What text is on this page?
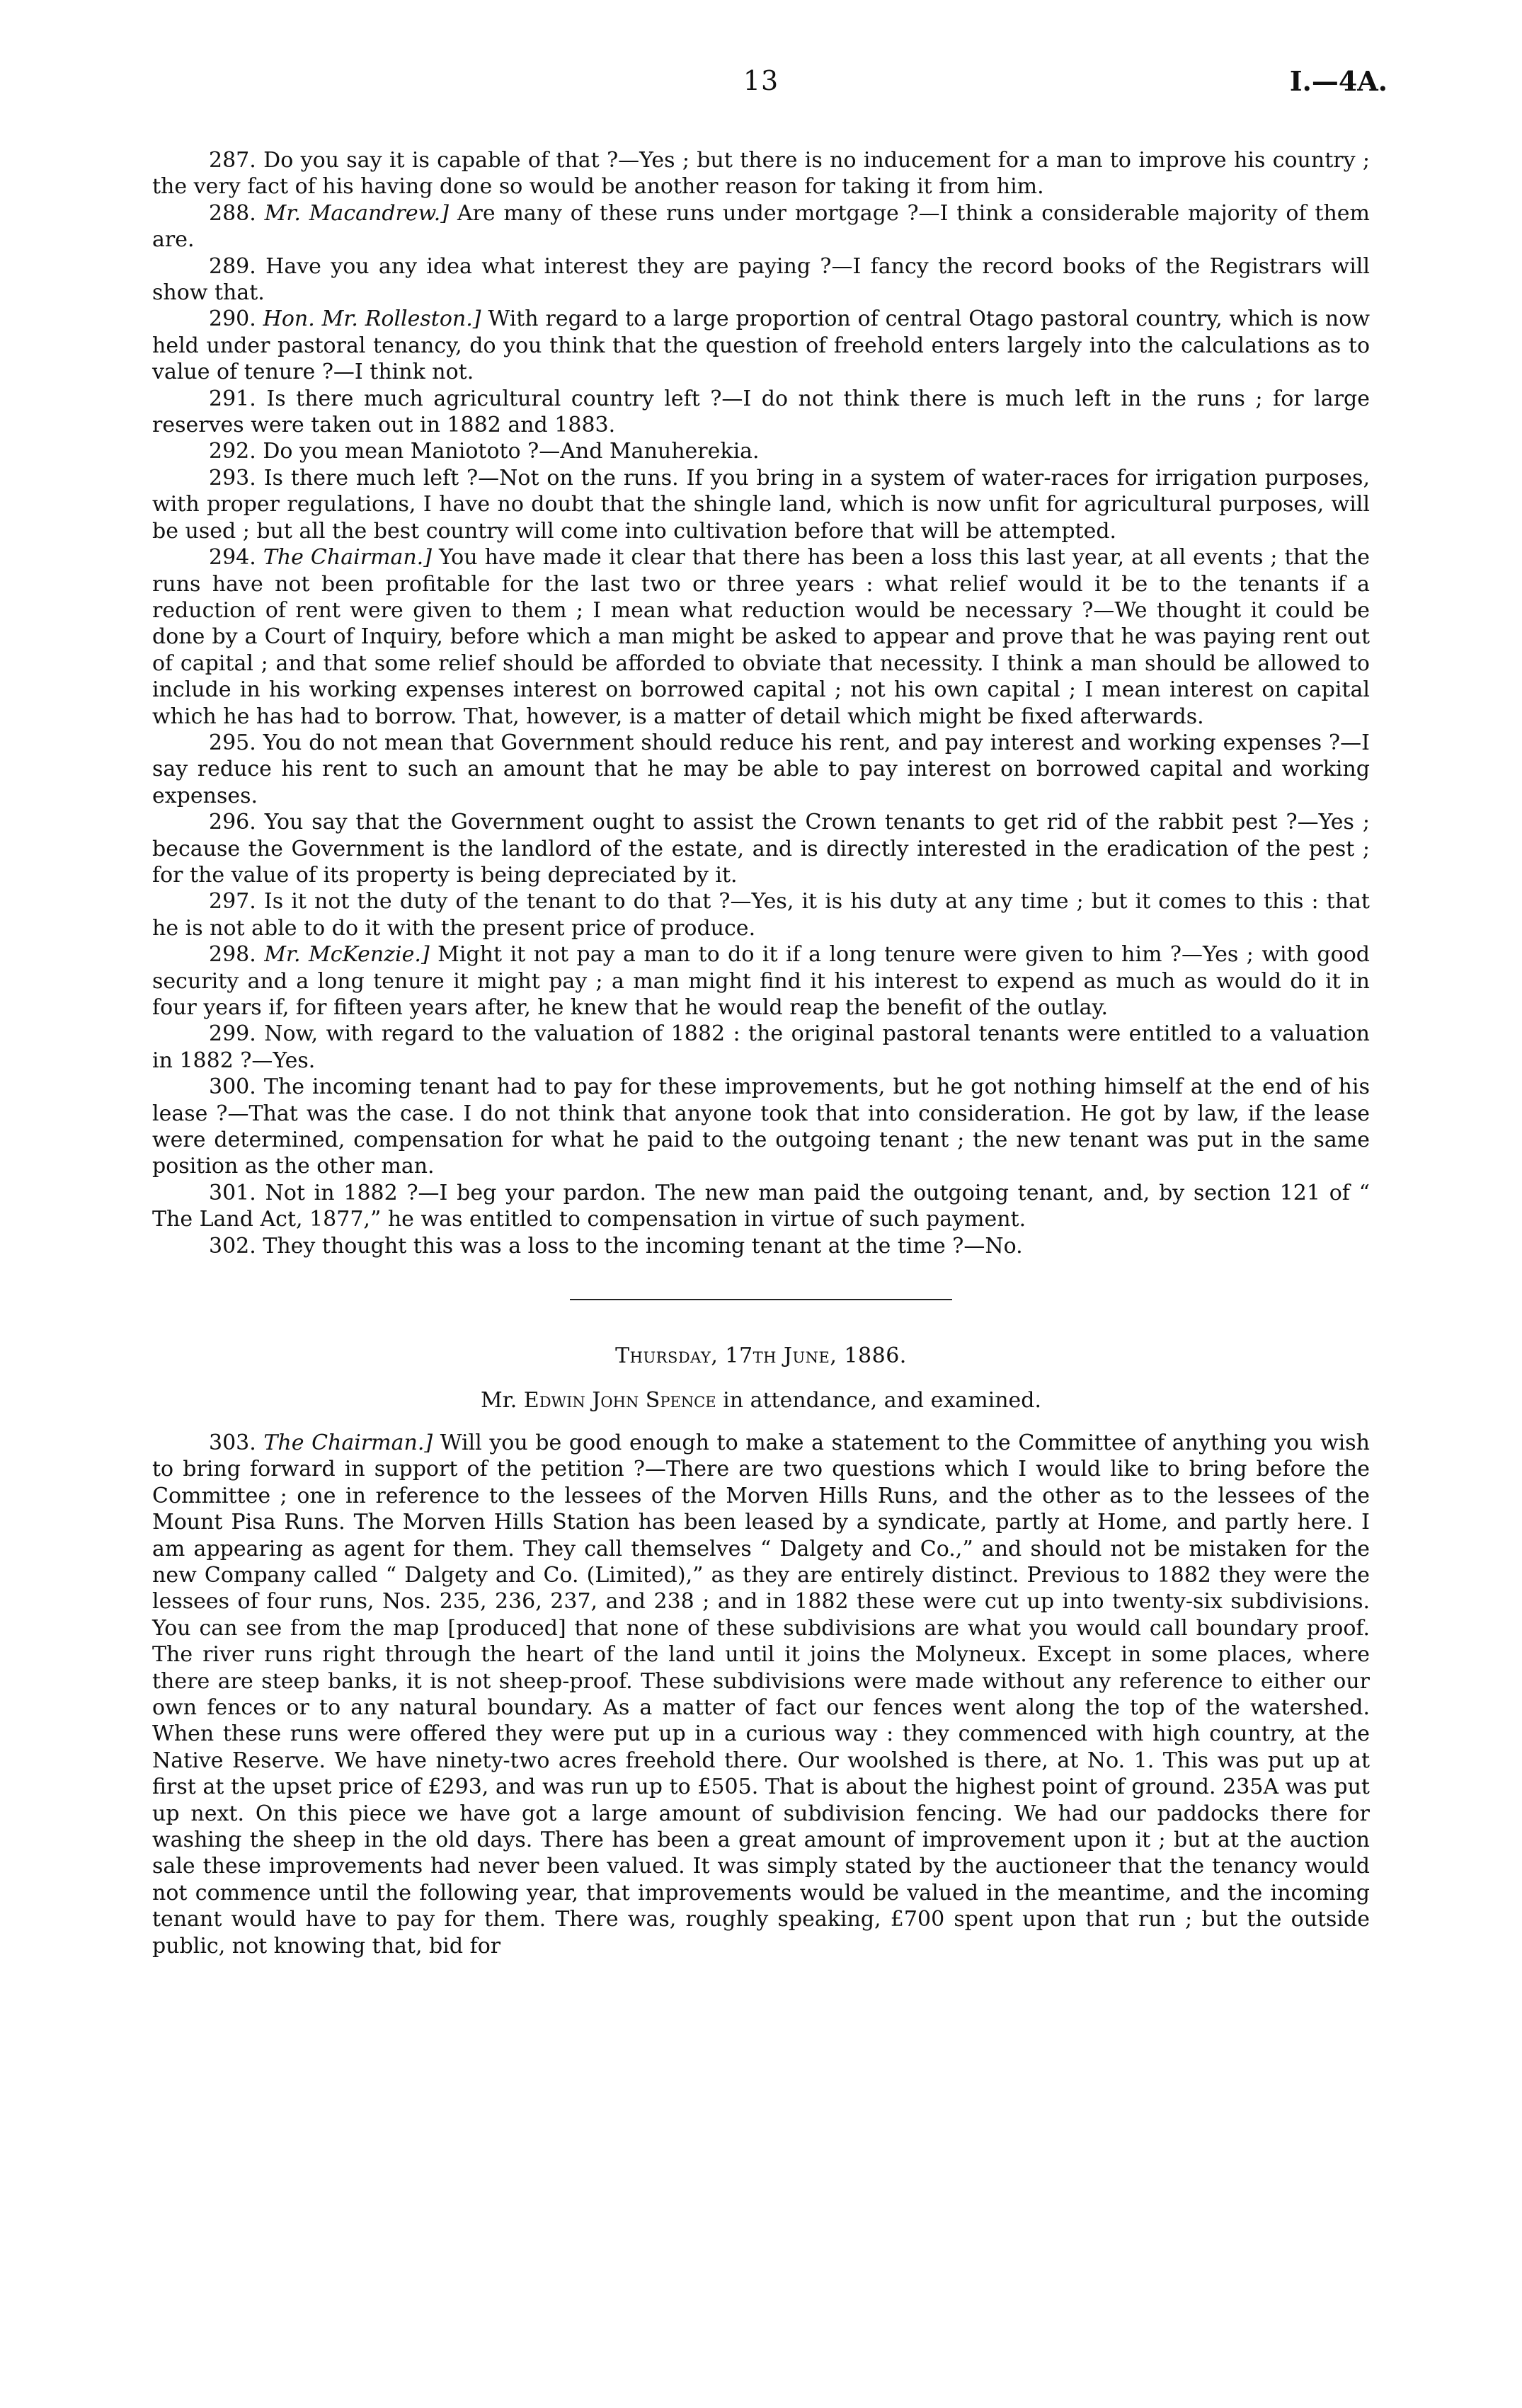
13	I.—4A.

287. Do you say it is capable of that ?—Yes ; but there is no inducement for a man to improve his country ; the very fact of his having done so would be another reason for taking it from him.

288. Mr. Macandrew.] Are many of these runs under mortgage ?—I think a considerable majority of them are.

289. Have you any idea what interest they are paying ?—I fancy the record books of the Registrars will show that.

290. Hon. Mr. Rolleston.] With regard to a large proportion of central Otago pastoral country, which is now held under pastoral tenancy, do you think that the question of freehold enters largely into the calculations as to value of tenure ?—I think not.

291. Is there much agricultural country left ?—I do not think there is much left in the runs ; for large reserves were taken out in 1882 and 1883.

292. Do you mean Maniototo ?—And Manuherekia.

293. Is there much left ?—Not on the runs. If you bring in a system of water-races for irrigation purposes, with proper regulations, I have no doubt that the shingle land, which is now unfit for agricultural purposes, will be used ; but all the best country will come into cultivation before that will be attempted.

294. The Chairman.] You have made it clear that there has been a loss this last year, at all events ; that the runs have not been profitable for the last two or three years : what relief would it be to the tenants if a reduction of rent were given to them ; I mean what reduction would be necessary ?—We thought it could be done by a Court of Inquiry, before which a man might be asked to appear and prove that he was paying rent out of capital ; and that some relief should be afforded to obviate that necessity. I think a man should be allowed to include in his working expenses interest on borrowed capital ; not his own capital ; I mean interest on capital which he has had to borrow. That, however, is a matter of detail which might be fixed afterwards.

295. You do not mean that Government should reduce his rent, and pay interest and working expenses ?—I say reduce his rent to such an amount that he may be able to pay interest on borrowed capital and working expenses.

296. You say that the Government ought to assist the Crown tenants to get rid of the rabbit pest ?—Yes ; because the Government is the landlord of the estate, and is directly interested in the eradication of the pest ; for the value of its property is being depreciated by it.

297. Is it not the duty of the tenant to do that ?—Yes, it is his duty at any time ; but it comes to this : that he is not able to do it with the present price of produce.

298. Mr. McKenzie.] Might it not pay a man to do it if a long tenure were given to him ?—Yes ; with good security and a long tenure it might pay ; a man might find it his interest to expend as much as would do it in four years if, for fifteen years after, he knew that he would reap the benefit of the outlay.

299. Now, with regard to the valuation of 1882 : the original pastoral tenants were entitled to a valuation in 1882 ?—Yes.

300. The incoming tenant had to pay for these improvements, but he got nothing himself at the end of his lease ?—That was the case. I do not think that anyone took that into consideration. He got by law, if the lease were determined, compensation for what he paid to the outgoing tenant ; the new tenant was put in the same position as the other man.

301. Not in 1882 ?—I beg your pardon. The new man paid the outgoing tenant, and, by section 121 of “ The Land Act, 1877,” he was entitled to compensation in virtue of such payment.

302. They thought this was a loss to the incoming tenant at the time ?—No.

Thursday, 17th June, 1886.

Mr. Edwin John Spence in attendance, and examined.

303. The Chairman.] Will you be good enough to make a statement to the Committee of anything you wish to bring forward in support of the petition ?—There are two questions which I would like to bring before the Committee ; one in reference to the lessees of the Morven Hills Runs, and the other as to the lessees of the Mount Pisa Runs. The Morven Hills Station has been leased by a syndicate, partly at Home, and partly here. I am appearing as agent for them. They call themselves “ Dalgety and Co.,” and should not be mistaken for the new Company called “ Dalgety and Co. (Limited),” as they are entirely distinct. Previous to 1882 they were the lessees of four runs, Nos. 235, 236, 237, and 238 ; and in 1882 these were cut up into twenty-six subdivisions. You can see from the map [produced] that none of these subdivisions are what you would call boundary proof. The river runs right through the heart of the land until it joins the Molyneux. Except in some places, where there are steep banks, it is not sheep-proof. These subdivisions were made without any reference to either our own fences or to any natural boundary. As a matter of fact our fences went along the top of the watershed. When these runs were offered they were put up in a curious way : they commenced with high country, at the Native Reserve. We have ninety-two acres freehold there. Our woolshed is there, at No. 1. This was put up at first at the upset price of £293, and was run up to £505. That is about the highest point of ground. 235A was put up next. On this piece we have got a large amount of subdivision fencing. We had our paddocks there for washing the sheep in the old days. There has been a great amount of improvement upon it ; but at the auction sale these improvements had never been valued. It was simply stated by the auctioneer that the tenancy would not commence until the following year, that improvements would be valued in the meantime, and the incoming tenant would have to pay for them. There was, roughly speaking, £700 spent upon that run ; but the outside public, not knowing that, bid for
